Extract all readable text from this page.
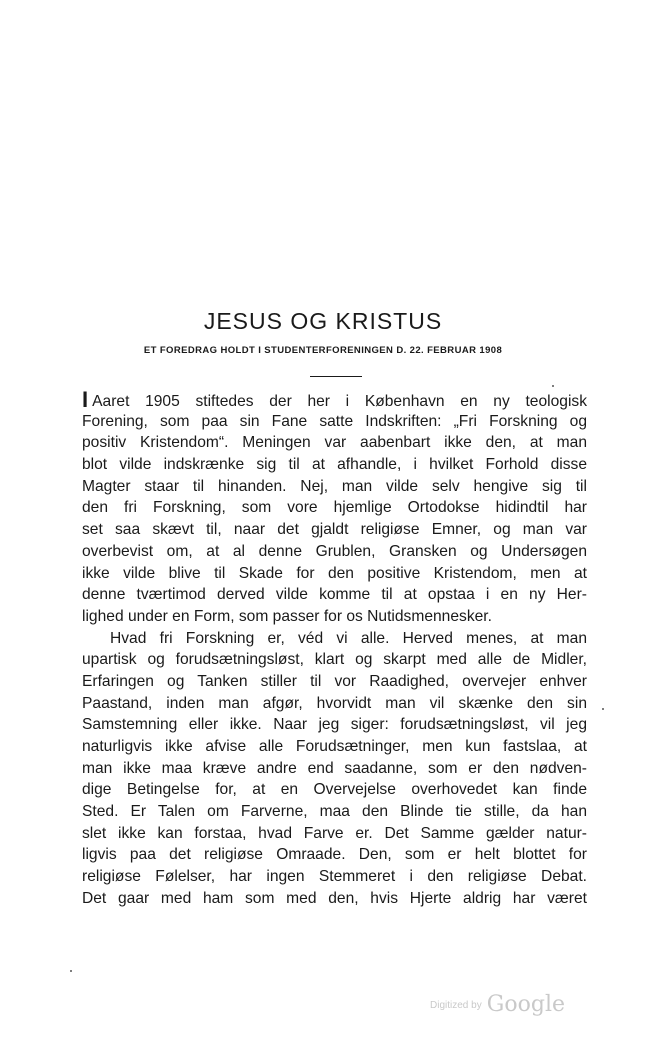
JESUS OG KRISTUS
ET FOREDRAG HOLDT I STUDENTERFORENINGEN D. 22. FEBRUAR 1908

I Aaret 1905 stiftedes der her i København en ny teologisk

Forening, som paa sin Fane satte Indskriften: „Fri Forskning og

positiv Kristendom“. Meningen var aabenbart ikke den, at man

blot vilde indskrænke sig til at afhandle, i hvilket Forhold disse

Magter staar til hinanden. Nej, man vilde selv hengive sig til

den fri Forskning, som vore hjemlige Ortodokse hidindtil har

set saa skævt til, naar det gjaldt religiøse Emner, og man var

overbevist om, at al denne Grublen, Gransken og Undersøgen

ikke vilde blive til Skade for den positive Kristendom, men at

denne tværtimod derved vilde komme til at opstaa i en ny Her-

lighed under en Form, som passer for os Nutidsmennesker.

Hvad fri Forskning er, véd vi alle. Herved menes, at man

upartisk og forudsætningsløst, klart og skarpt med alle de Midler,

Erfaringen og Tanken stiller til vor Raadighed, overvejer enhver

Paastand, inden man afgør, hvorvidt man vil skænke den sin

Samstemning eller ikke. Naar jeg siger: forudsætningsløst, vil jeg

naturligvis ikke afvise alle Forudsætninger, men kun fastslaa, at

man ikke maa kræve andre end saadanne, som er den nødven-

dige Betingelse for, at en Overvejelse overhovedet kan finde

Sted. Er Talen om Farverne, maa den Blinde tie stille, da han

slet ikke kan forstaa, hvad Farve er. Det Samme gælder natur-

ligvis paa det religiøse Omraade. Den, som er helt blottet for

religiøse Følelser, har ingen Stemmeret i den religiøse Debat.

Det gaar med ham som med den, hvis Hjerte aldrig har været

Digitized by Google
